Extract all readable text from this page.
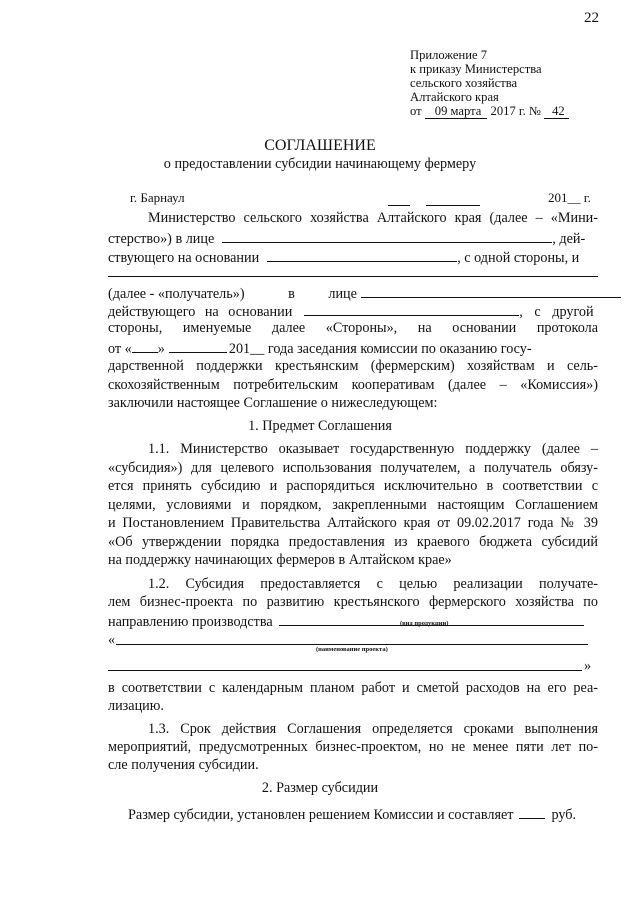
22
Приложение 7
к приказу Министерства
сельского хозяйства
Алтайского края
от 09 марта 2017 г. № 42
СОГЛАШЕНИЕ
о предоставлении субсидии начинающему фермеру
г. Барнаул	201__ г.
Министерство сельского хозяйства Алтайского края (далее – «Мини-
стерство») в лице	, дей-
ствующего на основании	, с одной стороны, и
(далее - «получатель»)	в лице
действующего на основании	, с другой
стороны, именуемые далее «Стороны», на основании протокола
от « »	201__ года заседания комиссии по оказанию госу-
дарственной поддержки крестьянским (фермерским) хозяйствам и сель-
скохозяйственным потребительским кооперативам (далее – «Комиссия»)
заключили настоящее Соглашение о нижеследующем:
1. Предмет Соглашения
1.1. Министерство оказывает государственную поддержку (далее –
«субсидия») для целевого использования получателем, а получатель обязу-
ется принять субсидию и распорядиться исключительно в соответствии с
целями, условиями и порядком, закрепленными настоящим Соглашением
и Постановлением Правительства Алтайского края от 09.02.2017 года № 39
«Об утверждении порядка предоставления из краевого бюджета субсидий
на поддержку начинающих фермеров в Алтайском крае»
1.2. Субсидия предоставляется с целью реализации получате-
лем бизнес-проекта по развитию крестьянского фермерского хозяйства по
направлению производства	(вид продукции)
«
(наименование проекта)
»
в соответствии с календарным планом работ и сметой расходов на его реа-
лизацию.
1.3. Срок действия Соглашения определяется сроками выполнения
мероприятий, предусмотренных бизнес-проектом, но не менее пяти лет по-
сле получения субсидии.
2. Размер субсидии
Размер субсидии, установлен решением Комиссии и составляет	руб.
